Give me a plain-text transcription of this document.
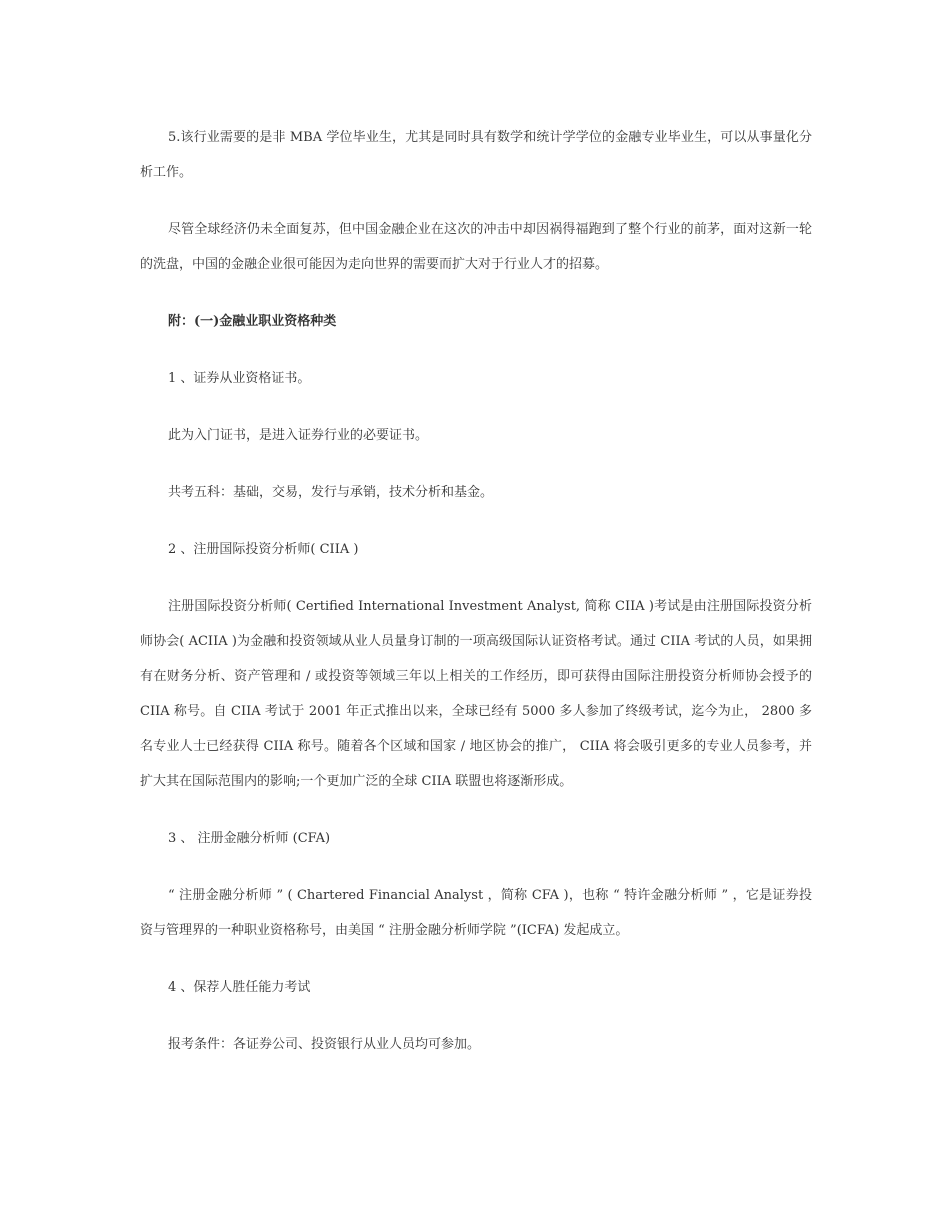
5.该行业需要的是非 MBA 学位毕业生，尤其是同时具有数学和统计学学位的金融专业毕业生，可以从事量化分析工作。

尽管全球经济仍未全面复苏，但中国金融企业在这次的冲击中却因祸得福跑到了整个行业的前茅，面对这新一轮的洗盘，中国的金融企业很可能因为走向世界的需要而扩大对于行业人才的招募。

附：(一)金融业职业资格种类

1 、证券从业资格证书。

此为入门证书，是进入证券行业的必要证书。

共考五科：基础，交易，发行与承销，技术分析和基金。

2 、注册国际投资分析师( CIIA )

注册国际投资分析师( Certified International Investment Analyst, 简称 CIIA )考试是由注册国际投资分析师协会( ACIIA )为金融和投资领域从业人员量身订制的一项高级国际认证资格考试。通过 CIIA 考试的人员，如果拥有在财务分析、资产管理和 / 或投资等领域三年以上相关的工作经历，即可获得由国际注册投资分析师协会授予的 CIIA 称号。自 CIIA 考试于 2001 年正式推出以来，全球已经有 5000 多人参加了终级考试，迄今为止， 2800 多名专业人士已经获得 CIIA 称号。随着各个区域和国家 / 地区协会的推广， CIIA 将会吸引更多的专业人员参考，并扩大其在国际范围内的影响;一个更加广泛的全球 CIIA 联盟也将逐渐形成。

3 、 注册金融分析师 (CFA)

“ 注册金融分析师 ” ( Chartered Financial Analyst ，简称 CFA )，也称 “ 特许金融分析师 ” ，它是证券投资与管理界的一种职业资格称号，由美国 “ 注册金融分析师学院 ”(ICFA) 发起成立。

4 、保荐人胜任能力考试

报考条件：各证券公司、投资银行从业人员均可参加。
